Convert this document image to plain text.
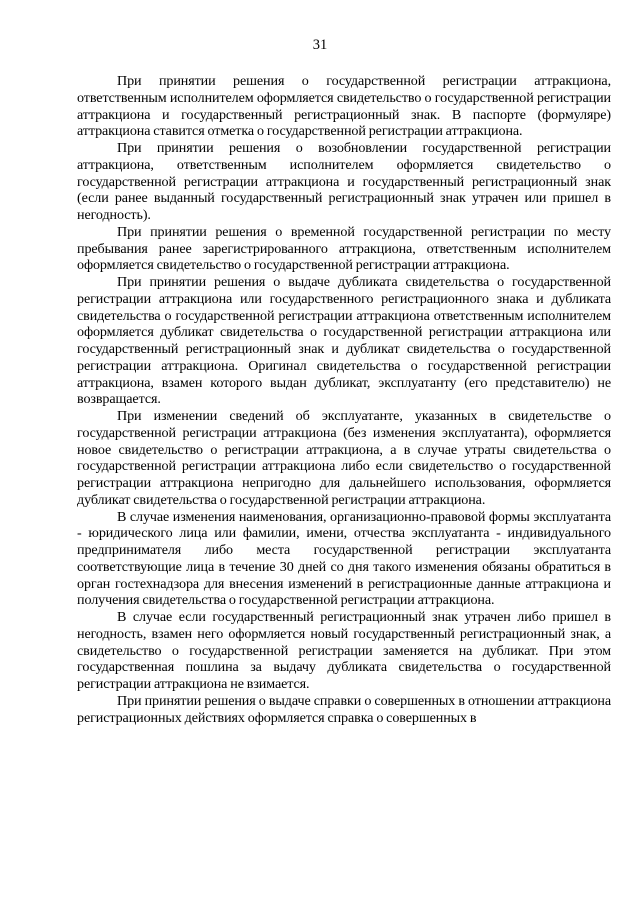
31

При принятии решения о государственной регистрации аттракциона, ответственным исполнителем оформляется свидетельство о государственной регистрации аттракциона и государственный регистрационный знак. В паспорте (формуляре) аттракциона ставится отметка о государственной регистрации аттракциона.

При принятии решения о возобновлении государственной регистрации аттракциона, ответственным исполнителем оформляется свидетельство о государственной регистрации аттракциона и государственный регистрационный знак (если ранее выданный государственный регистрационный знак утрачен или пришел в негодность).

При принятии решения о временной государственной регистрации по месту пребывания ранее зарегистрированного аттракциона, ответственным исполнителем оформляется свидетельство о государственной регистрации аттракциона.

При принятии решения о выдаче дубликата свидетельства о государственной регистрации аттракциона или государственного регистрационного знака и дубликата свидетельства о государственной регистрации аттракциона ответственным исполнителем оформляется дубликат свидетельства о государственной регистрации аттракциона или государственный регистрационный знак и дубликат свидетельства о государственной регистрации аттракциона. Оригинал свидетельства о государственной регистрации аттракциона, взамен которого выдан дубликат, эксплуатанту (его представителю) не возвращается.

При изменении сведений об эксплуатанте, указанных в свидетельстве о государственной регистрации аттракциона (без изменения эксплуатанта), оформляется новое свидетельство о регистрации аттракциона, а в случае утраты свидетельства о государственной регистрации аттракциона либо если свидетельство о государственной регистрации аттракциона непригодно для дальнейшего использования, оформляется дубликат свидетельства о государственной регистрации аттракциона.

В случае изменения наименования, организационно-правовой формы эксплуатанта - юридического лица или фамилии, имени, отчества эксплуатанта - индивидуального предпринимателя либо места государственной регистрации эксплуатанта соответствующие лица в течение 30 дней со дня такого изменения обязаны обратиться в орган гостехнадзора для внесения изменений в регистрационные данные аттракциона и получения свидетельства о государственной регистрации аттракциона.

В случае если государственный регистрационный знак утрачен либо пришел в негодность, взамен него оформляется новый государственный регистрационный знак, а свидетельство о государственной регистрации заменяется на дубликат. При этом государственная пошлина за выдачу дубликата свидетельства о государственной регистрации аттракциона не взимается.

При принятии решения о выдаче справки о совершенных в отношении аттракциона регистрационных действиях оформляется справка о совершенных в
